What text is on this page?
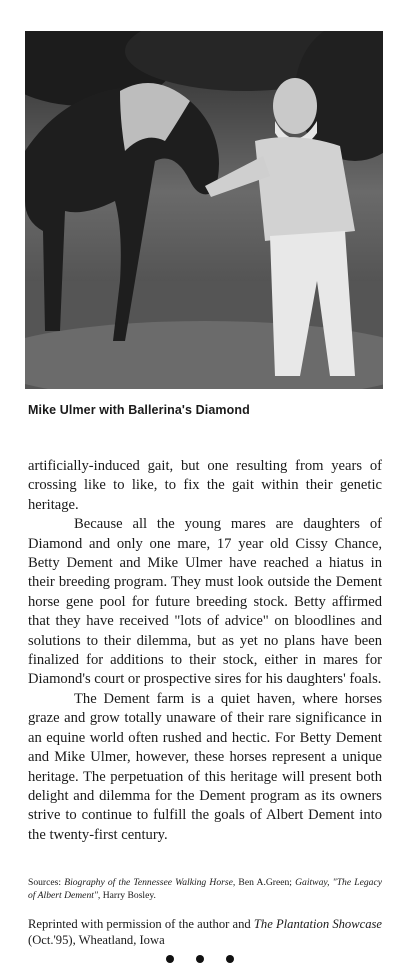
Mike Ulmer with Ballerina's Diamond

artificially-induced gait, but one resulting from years of crossing like to like, to fix the gait within their genetic heritage.

Because all the young mares are daughters of Diamond and only one mare, 17 year old Cissy Chance, Betty Dement and Mike Ulmer have reached a hiatus in their breeding program. They must look outside the Dement horse gene pool for future breeding stock. Betty affirmed that they have received "lots of advice" on bloodlines and solutions to their dilemma, but as yet no plans have been finalized for additions to their stock, either in mares for Diamond's court or prospective sires for his daughters' foals.

The Dement farm is a quiet haven, where horses graze and grow totally unaware of their rare significance in an equine world often rushed and hectic. For Betty Dement and Mike Ulmer, however, these horses represent a unique heritage. The perpetuation of this heritage will present both delight and dilemma for the Dement program as its owners strive to continue to fulfill the goals of Albert Dement into the twenty-first century.

Sources: Biography of the Tennessee Walking Horse, Ben A.Green; Gaitway, "The Legacy of Albert Dement", Harry Bosley.
Reprinted with permission of the author and The Plantation Showcase (Oct.'95), Wheatland, Iowa
